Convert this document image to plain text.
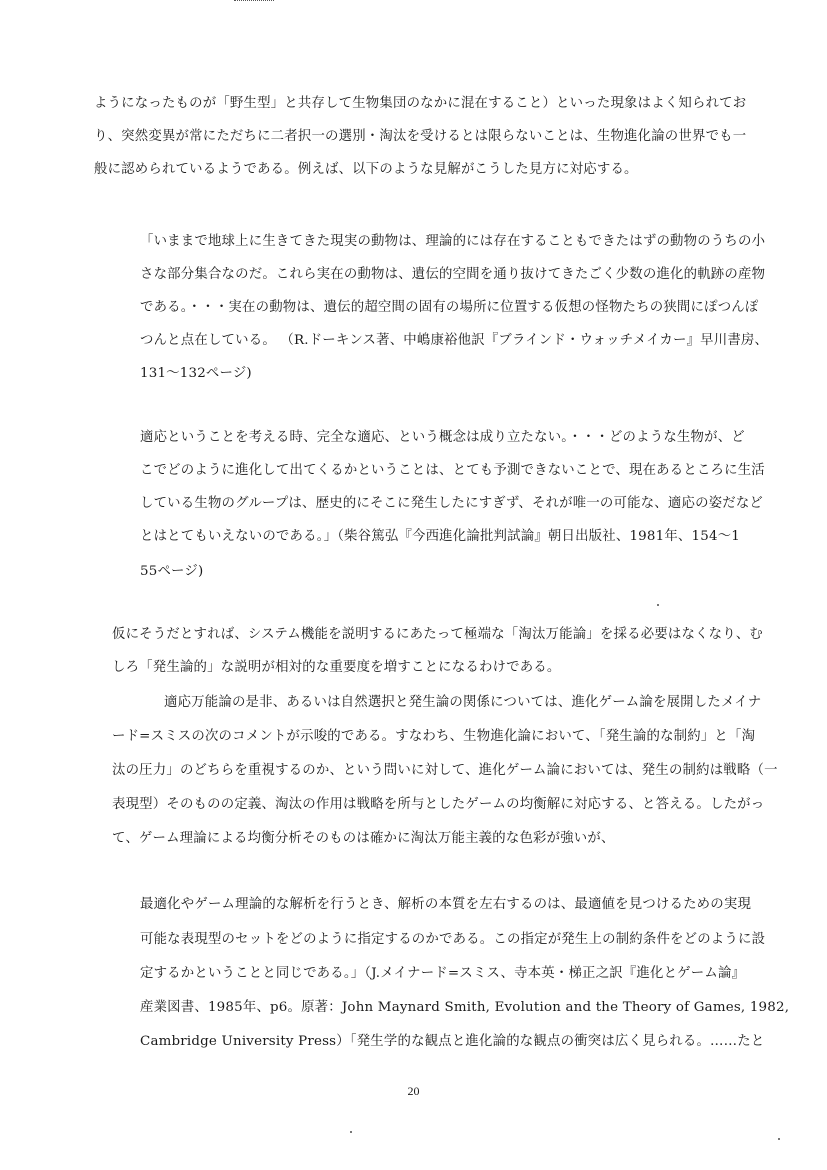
ようになったものが「野生型」と共存して生物集団のなかに混在すること）といった現象はよく知られてお
り、突然変異が常にただちに二者択一の選別・淘汰を受けるとは限らないことは、生物進化論の世界でも一
般に認められているようである。例えば、以下のような見解がこうした見方に対応する。
「いままで地球上に生きてきた現実の動物は、理論的には存在することもできたはずの動物のうちの小
さな部分集合なのだ。これら実在の動物は、遺伝的空間を通り抜けてきたごく少数の進化的軌跡の産物
である。・・・実在の動物は、遺伝的超空間の固有の場所に位置する仮想の怪物たちの狭間にぽつんぽ
つんと点在している。 （R.ドーキンス著、中嶋康裕他訳『ブラインド・ウォッチメイカー』早川書房、
131～132ページ)
適応ということを考える時、完全な適応、という概念は成り立たない。・・・どのような生物が、ど
こでどのように進化して出てくるかということは、とても予測できないことで、現在あるところに生活
している生物のグループは、歴史的にそこに発生したにすぎず、それが唯一の可能な、適応の姿だなど
とはとてもいえないのである。」（柴谷篤弘『今西進化論批判試論』朝日出版社、1981年、154～1
55ページ)
仮にそうだとすれば、システム機能を説明するにあたって極端な「淘汰万能論」を採る必要はなくなり、む
しろ「発生論的」な説明が相対的な重要度を増すことになるわけである。
適応万能論の是非、あるいは自然選択と発生論の関係については、進化ゲーム論を展開したメイナ
ード=スミスの次のコメントが示唆的である。すなわち、生物進化論において、「発生論的な制約」と「淘
汰の圧力」のどちらを重視するのか、という問いに対して、進化ゲーム論においては、発生の制約は戦略（一
表現型）そのものの定義、淘汰の作用は戦略を所与としたゲームの均衡解に対応する、と答える。したがっ
て、ゲーム理論による均衡分析そのものは確かに淘汰万能主義的な色彩が強いが、
最適化やゲーム理論的な解析を行うとき、解析の本質を左右するのは、最適値を見つけるための実現
可能な表現型のセットをどのように指定するのかである。この指定が発生上の制約条件をどのように設
定するかということと同じである。」（J.メイナード=スミス、寺本英・梯正之訳『進化とゲーム論』
産業図書、1985年、p6。原著：John Maynard Smith, Evolution and the Theory of Games, 1982,
Cambridge University Press）「発生学的な観点と進化論的な観点の衝突は広く見られる。……たと
20
